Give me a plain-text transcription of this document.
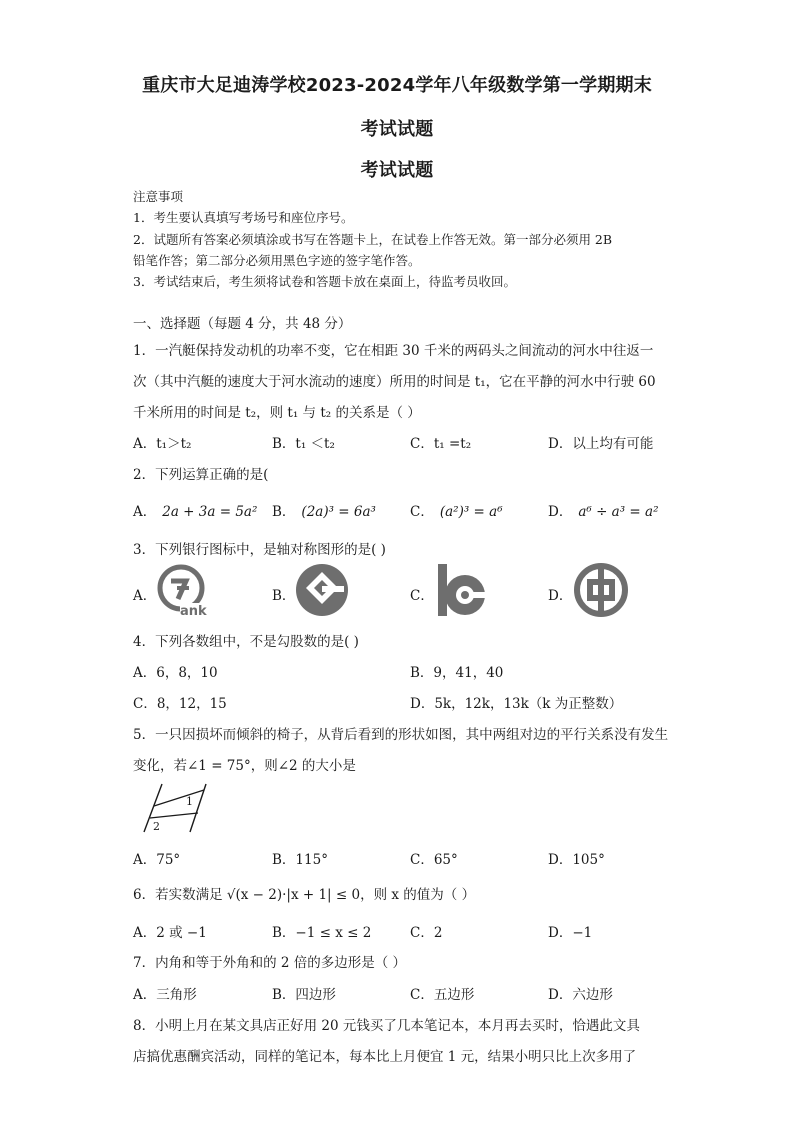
重庆市大足迪涛学校2023-2024学年八年级数学第一学期期末
考试试题
考试试题
注意事项
1．考生要认真填写考场号和座位序号。
2．试题所有答案必须填涂或书写在答题卡上，在试卷上作答无效。第一部分必须用 2B
铅笔作答；第二部分必须用黑色字迹的签字笔作答。
3．考试结束后，考生须将试卷和答题卡放在桌面上，待监考员收回。
一、选择题（每题 4 分，共 48 分）
1．一汽艇保持发动机的功率不变，它在相距 30 千米的两码头之间流动的河水中往返一
次（其中汽艇的速度大于河水流动的速度）所用的时间是 t₁，它在平静的河水中行驶 60
千米所用的时间是 t₂，则 t₁ 与 t₂ 的关系是（ ）
A．t₁＞t₂	B．t₁ ＜t₂	C．t₁ =t₂	D．以上均有可能
2．下列运算正确的是(
A． 2a + 3a = 5a² B． (2a)³ = 6a³	C． (a²)³ = a⁶	D． a⁶ ÷ a³ = a²
3．下列银行图标中，是轴对称图形的是( )
A．	B．	C．	D．
ank
4．下列各数组中，不是勾股数的是( )
A．6，8，10	B．9，41，40
C．8，12，15	D．5k，12k，13k（k 为正整数）
5．一只因损坏而倾斜的椅子，从背后看到的形状如图，其中两组对边的平行关系没有发生
变化，若∠1 = 75°，则∠2 的大小是
1
2
A．75°	B．115°	C．65°	D．105°
6．若实数满足 √(x − 2)·|x + 1| ≤ 0，则 x 的值为（ ）
A．2 或 −1	B．−1 ≤ x ≤ 2	C．2	D．−1
7．内角和等于外角和的 2 倍的多边形是（ ）
A．三角形	B．四边形	C．五边形	D．六边形
8．小明上月在某文具店正好用 20 元钱买了几本笔记本，本月再去买时，恰遇此文具
店搞优惠酬宾活动，同样的笔记本，每本比上月便宜 1 元，结果小明只比上次多用了
